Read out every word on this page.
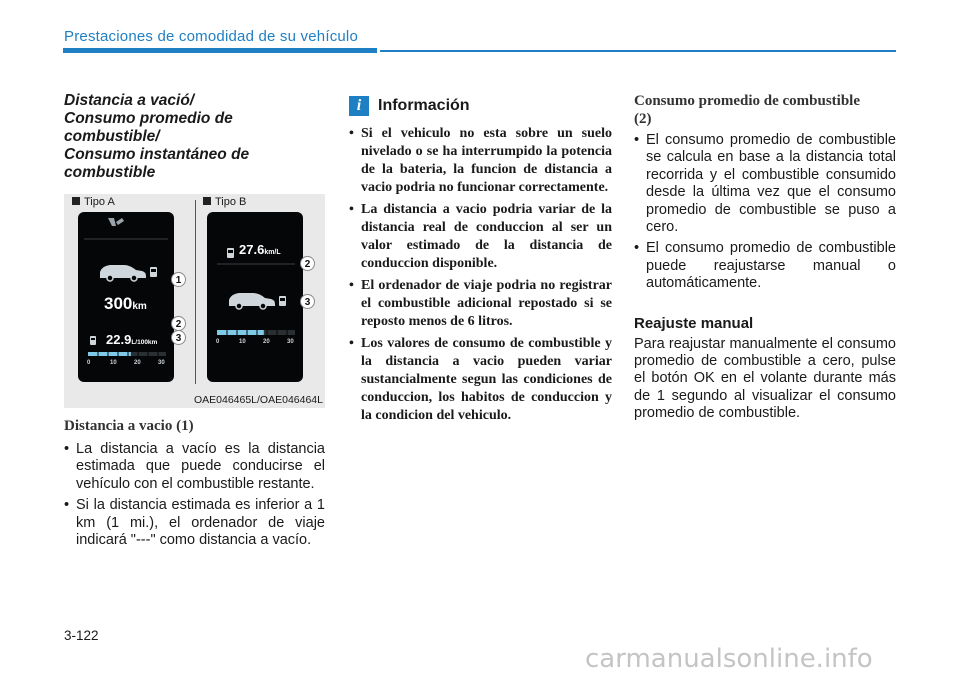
Prestaciones de comodidad de su vehículo
Distancia a vació/
Consumo promedio de
combustible/
Consumo instantáneo de
combustible
Tipo A	Tipo B
300km
22.9L/100km
0	10	20	30
1
2
3
27.6km/L
0	10	20	30
2
3
OAE046465L/OAE046464L
Distancia a vacio (1)
• La distancia a vacío es la distancia estimada que puede conducirse el vehículo con el combustible restante.
• Si la distancia estimada es inferior a 1 km (1 mi.), el ordenador de viaje indicará "---" como distancia a vacío.
i	Información
• Si el vehiculo no esta sobre un suelo nivelado o se ha interrumpido la potencia de la bateria, la funcion de distancia a vacio podria no funcionar correctamente.
• La distancia a vacio podria variar de la distancia real de conduccion al ser un valor estimado de la distancia de conduccion disponible.
• El ordenador de viaje podria no registrar el combustible adicional repostado si se reposto menos de 6 litros.
• Los valores de consumo de combustible y la distancia a vacio pueden variar sustancialmente segun las condiciones de conduccion, los habitos de conduccion y la condicion del vehiculo.
Consumo promedio de combustible
(2)
• El consumo promedio de combustible se calcula en base a la distancia total recorrida y el combustible consumido desde la última vez que el consumo promedio de combustible se puso a cero.
• El consumo promedio de combustible puede reajustarse manual o automáticamente.
Reajuste manual
Para reajustar manualmente el consumo promedio de combustible a cero, pulse el botón OK en el volante durante más de 1 segundo al visualizar el consumo promedio de combustible.
3-122
carmanualsonline.info
